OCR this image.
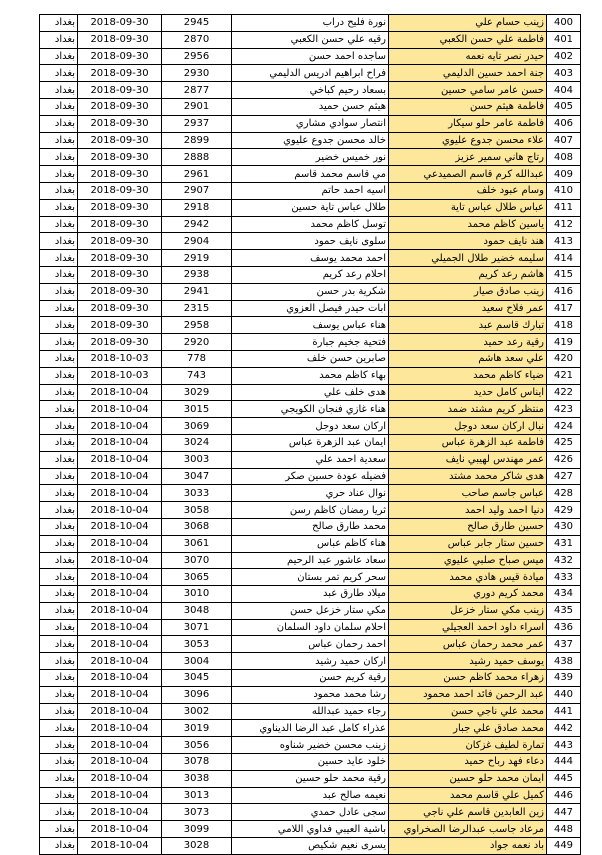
بغداد	2018-09-30	2945	نورة فليح دراب	زينب حسام علي	400
بغداد	2018-09-30	2870	رقيه علي حسن الكعبي	فاطمة علي حسن الكعبي	401
بغداد	2018-09-30	2956	ساجده احمد حسن	حيدر نصر تايه نعمه	402
بغداد	2018-09-30	2930	فراح ابراهيم ادريس الدليمي	جنة احمد حسين الدليمي	403
بغداد	2018-09-30	2877	بسعاد رحيم كباخي	حسن عامر سامي حسين	404
بغداد	2018-09-30	2901	هيثم حسن حميد	فاطمة هيثم حسن	405
بغداد	2018-09-30	2937	انتصار سوادي مشاري	فاطمة عامر حلو سيكار	406
بغداد	2018-09-30	2899	خالد محسن جدوع عليوي	علاء محسن جدوع عليوي	407
بغداد	2018-09-30	2888	نور خميس خضير	رتاج هاني سمير عزيز	408
بغداد	2018-09-30	2961	مي قاسم محمد قاسم	عبدالله كرم قاسم الصميدعي	409
بغداد	2018-09-30	2907	اسيه احمد حاتم	وسام عبود خلف	410
بغداد	2018-09-30	2918	طلال عباس تاية حسين	عباس طلال عباس تاية	411
بغداد	2018-09-30	2942	توسل كاظم محمد	ياسين كاظم محمد	412
بغداد	2018-09-30	2904	سلوى نايف حمود	هند نايف حمود	413
بغداد	2018-09-30	2919	احمد محمد يوسف	سليمه خضير طلال الجميلي	414
بغداد	2018-09-30	2938	احلام رعد كريم	هاشم رعد كريم	415
بغداد	2018-09-30	2941	شكرية بدر حسن	زينب صادق صيار	416
بغداد	2018-09-30	2315	ابات حيدر فيصل العزوي	عمر فلاح سعيد	417
بغداد	2018-09-30	2958	هناء عباس يوسف	تبارك قاسم عبد	418
بغداد	2018-09-30	2920	فتحية جخيم جبارة	رقية رعد حميد	419
بغداد	2018-10-03	778	صابرين حسن خلف	علي سعد هاشم	420
بغداد	2018-10-03	743	بهاء كاظم محمد	ضياء كاظم محمد	421
بغداد	2018-10-04	3029	هدى خلف علي	ايناس كامل حديد	422
بغداد	2018-10-04	3015	هناء غازي فنجان الكويجي	منتظر كريم مشتد ضمد	423
بغداد	2018-10-04	3069	اركان سعد دوجل	نبال اركان سعد دوجل	424
بغداد	2018-10-04	3024	ايمان عبد الزهرة عباس	فاطمة عبد الزهرة عباس	425
بغداد	2018-10-04	3003	سعدية احمد علي	عمر مهندس لهيبي نايف	426
بغداد	2018-10-04	3047	فضيله عودة حسين صكر	هدى شاكر محمد مشتد	427
بغداد	2018-10-04	3033	نوال عناد حري	عباس جاسم صاحب	428
بغداد	2018-10-04	3058	ثريا رمضان كاظم رسن	دنيا احمد وليد احمد	429
بغداد	2018-10-04	3068	محمد طارق صالح	حسين طارق صالح	430
بغداد	2018-10-04	3061	هناء كاظم عباس	حسين ستار جابر عباس	431
بغداد	2018-10-04	3070	سعاد عاشور عبد الرحيم	ميس صباح صلبي عليوي	432
بغداد	2018-10-04	3065	سحر كريم تمر بستان	ميادة قيس هادي محمد	433
بغداد	2018-10-04	3010	ميلاد طارق عبد	محمد كريم دوري	434
بغداد	2018-10-04	3048	مكي ستار خزعل حسن	زينب مكي ستار خزعل	435
بغداد	2018-10-04	3071	احلام سلمان داود السلمان	اسراء داود احمد العجيلي	436
بغداد	2018-10-04	3053	احمد رحمان عباس	عمر محمد رحمان عباس	437
بغداد	2018-10-04	3004	اركان حميد رشيد	يوسف حميد رشيد	438
بغداد	2018-10-04	3045	رقية كريم حسن	زهراء محمد كاظم حسن	439
بغداد	2018-10-04	3096	رشا محمد محمود	عبد الرحمن فائد احمد محمود	440
بغداد	2018-10-04	3002	رجاء حميد عبدالله	محمد علي ناجي حسن	441
بغداد	2018-10-04	3019	عذراء كامل عبد الرضا الديناوي	محمد صادق علي جبار	442
بغداد	2018-10-04	3056	زينب محسن خضير شناوه	تمارة لطيف غزكان	443
بغداد	2018-10-04	3078	خلود عايد حسين	دعاء فهد رباح حميد	444
بغداد	2018-10-04	3038	رقية محمد حلو حسين	ايمان محمد حلو حسين	445
بغداد	2018-10-04	3013	نعيمه صالح عبد	كميل علي قاسم محمد	446
بغداد	2018-10-04	3073	سجى عادل حمدي	زين العابدين قاسم علي ناجي	447
بغداد	2018-10-04	3099	باشية العيبي فداوي اللامي	مرعاد جاسب عبدالرضا الصخراوي	448
بغداد	2018-10-04	3028	يسرى نعيم شكيص	باد نعمه جواد	449
